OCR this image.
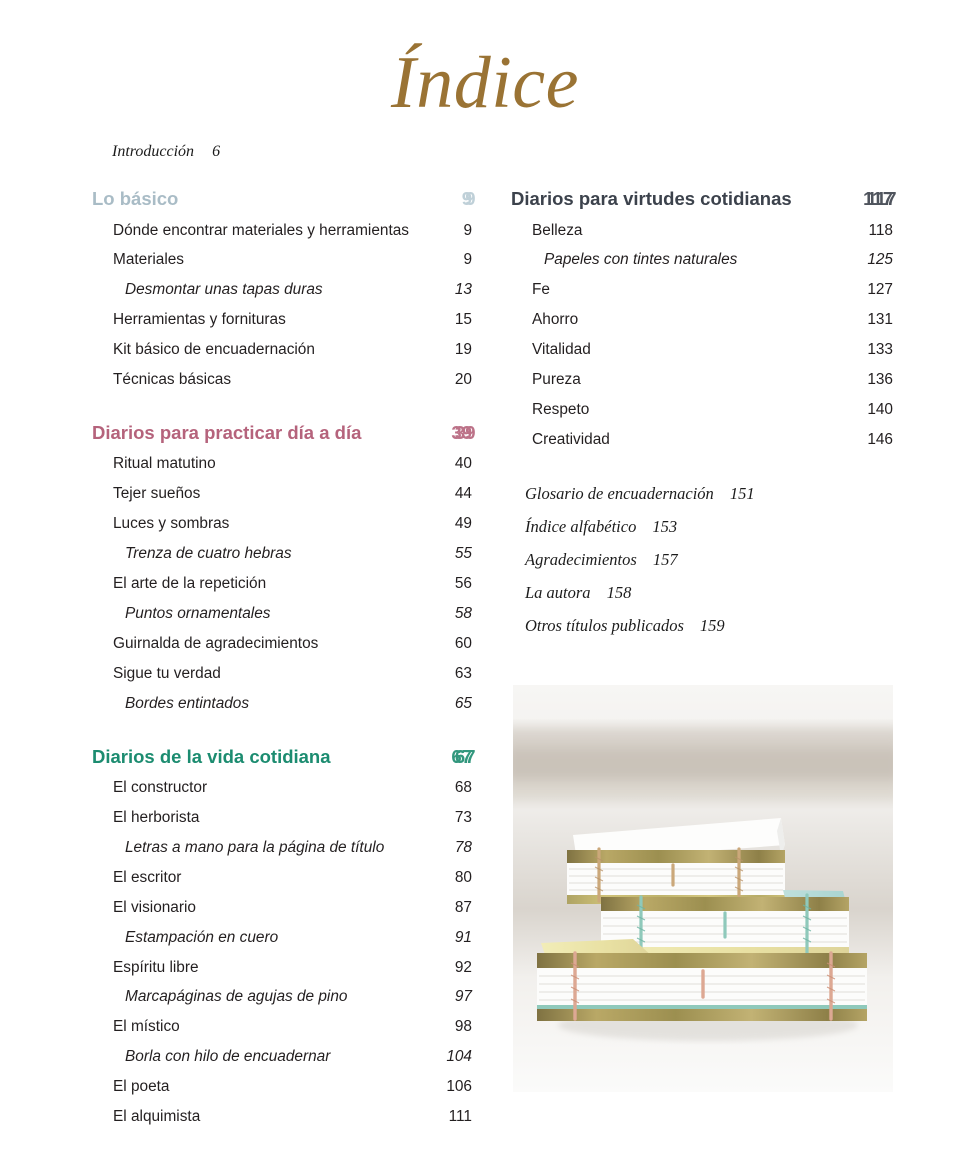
Índice
Introducción 6
Lo básico	9
Dónde encontrar materiales y herramientas	9
Materiales	9
Desmontar unas tapas duras	13
Herramientas y fornituras	15
Kit básico de encuadernación	19
Técnicas básicas	20
Diarios para practicar día a día	39
Ritual matutino	40
Tejer sueños	44
Luces y sombras	49
Trenza de cuatro hebras	55
El arte de la repetición	56
Puntos ornamentales	58
Guirnalda de agradecimientos	60
Sigue tu verdad	63
Bordes entintados	65
Diarios de la vida cotidiana	67
El constructor	68
El herborista	73
Letras a mano para la página de título	78
El escritor	80
El visionario	87
Estampación en cuero	91
Espíritu libre	92
Marcapáginas de agujas de pino	97
El místico	98
Borla con hilo de encuadernar	104
El poeta	106
El alquimista	111
Diarios para virtudes cotidianas	117
Belleza	118
Papeles con tintes naturales	125
Fe	127
Ahorro	131
Vitalidad	133
Pureza	136
Respeto	140
Creatividad	146
Glosario de encuadernación 151
Índice alfabético 153
Agradecimientos 157
La autora 158
Otros títulos publicados 159
